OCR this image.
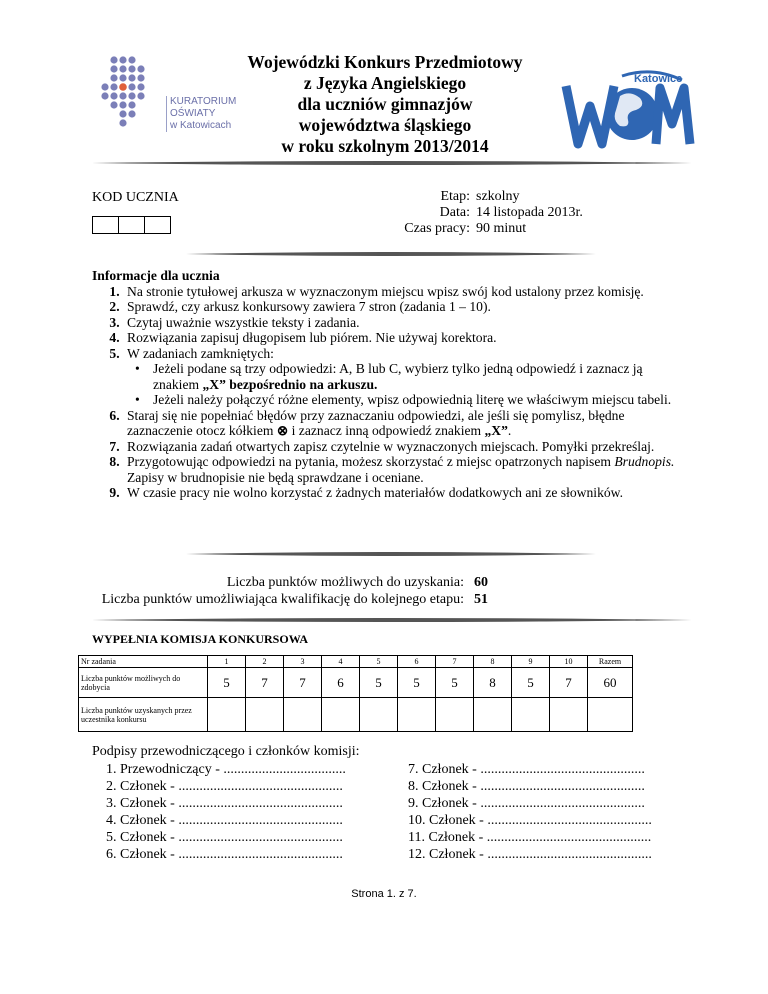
KURATORIUM
OŚWIATY
w Katowicach
Wojewódzki Konkurs Przedmiotowy
z Języka Angielskiego
dla uczniów gimnazjów
województwa śląskiego
w roku szkolnym 2013/2014
Katowice
KOD UCZNIA	Etap:	szkolny
Data:	14 listopada 2013r.
Czas pracy:	90 minut
Informacje dla ucznia
1. Na stronie tytułowej arkusza w wyznaczonym miejscu wpisz swój kod ustalony przez komisję.
2. Sprawdź, czy arkusz konkursowy zawiera 7 stron (zadania 1 – 10).
3. Czytaj uważnie wszystkie teksty i zadania.
4. Rozwiązania zapisuj długopisem lub piórem. Nie używaj korektora.
5. W zadaniach zamkniętych:
• Jeżeli podane są trzy odpowiedzi: A, B lub C, wybierz tylko jedną odpowiedź i zaznacz ją znakiem „X” bezpośrednio na arkuszu.
• Jeżeli należy połączyć różne elementy, wpisz odpowiednią literę we właściwym miejscu tabeli.
6. Staraj się nie popełniać błędów przy zaznaczaniu odpowiedzi, ale jeśli się pomylisz, błędne zaznaczenie otocz kółkiem ⊗ i zaznacz inną odpowiedź znakiem „X”.
7. Rozwiązania zadań otwartych zapisz czytelnie w wyznaczonych miejscach. Pomyłki przekreślaj.
8. Przygotowując odpowiedzi na pytania, możesz skorzystać z miejsc opatrzonych napisem Brudnopis. Zapisy w brudnopisie nie będą sprawdzane i oceniane.
9. W czasie pracy nie wolno korzystać z żadnych materiałów dodatkowych ani ze słowników.
Liczba punktów możliwych do uzyskania:	60
Liczba punktów umożliwiająca kwalifikację do kolejnego etapu:	51
WYPEŁNIA KOMISJA KONKURSOWA
Nr zadania	1	2	3	4	5	6	7	8	9	10	Razem
Liczba punktów możliwych do zdobycia	5	7	7	6	5	5	5	8	5	7	60
Liczba punktów uzyskanych przez uczestnika konkursu											
Podpisy przewodniczącego i członków komisji:
1. Przewodniczący - ...................................
2. Członek - ...............................................
3. Członek - ...............................................
4. Członek - ...............................................
5. Członek - ...............................................
6. Członek - ...............................................
7. Członek - ...............................................
8. Członek - ...............................................
9. Członek - ...............................................
10. Członek - ...............................................
11. Członek - ...............................................
12. Członek - ...............................................
Strona 1. z 7.
